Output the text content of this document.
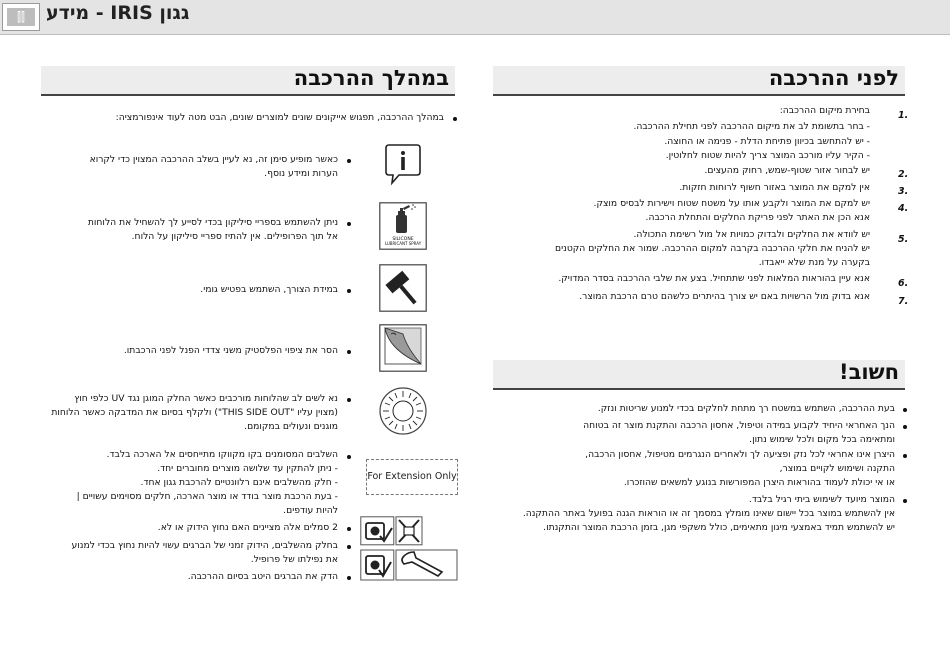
⫿⫿	גגון IRIS - מידע
לפני ההרכבה
1.
בחירת מיקום ההרכבה:
- בחר בתשומת לב את מיקום ההרכבה לפני תחילת ההרכבה.
- יש להתחשב בכיוון פתיחת הדלת - פנימה או החוצה.
- הקיר עליו מורכב המוצר צריך להיות שטוח לחלוטין.
2.
יש לבחור אזור שטוף-שמש, רחוק מהעצים.
3.
אין למקם את המוצר באזור חשוף לרוחות חזקות.
4.
יש למקם את המוצר ולקבע אותו על משטח שטוח וישירות לבסיס מוצק.
אנא הכן את האתר לפני פריקת החלקים והתחלת הרכבה.
5.
יש לוודא את החלקים ולבדוק כמויות אל מול רשימת התכולה.
יש להניח את חלקי ההרכבה בקרבה למקום ההרכבה. שמור את החלקים הקטנים
בקערה על מנת שלא ייאבדו.
6.
אנא עיין בהוראות המלאות לפני שתתחיל. בצע את שלבי ההרכבה בסדר המדויק.
7.
אנא בדוק מול הרשויות באם יש צורך בהיתרים כלשהם טרם הרכבת המוצר.
חשוב!
בעת ההרכבה, השתמש במשטח רך מתחת לחלקים בכדי למנוע שריטות ונזק.
הנך האחראי היחיד לקבוע במידה וטיפול, אחסון הרכבה והתקנת מוצר זה בטוחה
ומתאימה בכל מקום ולכל שימוש נתון.
היצרן אינו אחראי לכל נזק ופציעה לך ולאחרים הנגרמים מטיפול, אחסון הרכבה,
התקנה ושימוש לקויים במוצר,
או אי יכולת לעמוד בהוראות היצרן המפורשות בנוגע למשאים שהוזכרו.
המוצר מיועד לשימוש ביתי רגיל בלבד.
אין להשתמש במוצר בכל יישום שאינו מומלץ במסמך זה או הוראות הגנה בפועל באתר ההתקנה.
יש להשתמש תמיד באמצעי מיגון מתאימים, כולל משקפי מגן, בזמן הרכבת המוצר והתקנתו.
במהלך ההרכבה
במהלך ההרכבה, תפגוש אייקונים שונים למוצרים שונים, הבט מטה לעוד אינפורמציה:
כאשר מופיע סימן זה, נא לעיין בשלב ההרכבה המצוין כדי לקרוא
הערות ומידע נוסף.
SILICONE
LUBRICANT SPRAY
ניתן להשתמש בספריי סיליקון בכדי לסייע לך להשחיל את הלוחות
אל תוך הפרופילים. אין להתיז ספריי סיליקון על הלוח.
במידת הצורך, השתמש בפטיש גומי.
הסר את ציפוי הפלסטיק משני צדדי הפנל לפני הרכבתו.
נא לשים לב שהלוחות מורכבים כאשר החלק המוגן נגד UV כלפי חוץ
(מצוין עליו "THIS SIDE OUT") ולקלף בסיום את המדבקה כאשר הלוחות
מוגנים ונעולים במקומם.
For Extension Only
השלבים המסומנים בקו מקווקו מתייחסים אל הארכה בלבד.
- ניתן להתקין עד שלושה מוצרים מחוברים יחד.
- חלק מהשלבים אינם רלוונטיים להרכבת גגון אחד.
- בעת הרכבת מוצר בודד או מוצר הארכה, חלקים מסוימים עשויים |
להיות עודפים.
2 סמלים אלה מציינים האם נחוץ הידוק או לא.
בחלק מהשלבים, הידוק זמני של הברגים עשוי להיות נחוץ בכדי למנוע
את נפילתו של פרופיל.
הדק את הברגים היטב בסיום ההרכבה.
